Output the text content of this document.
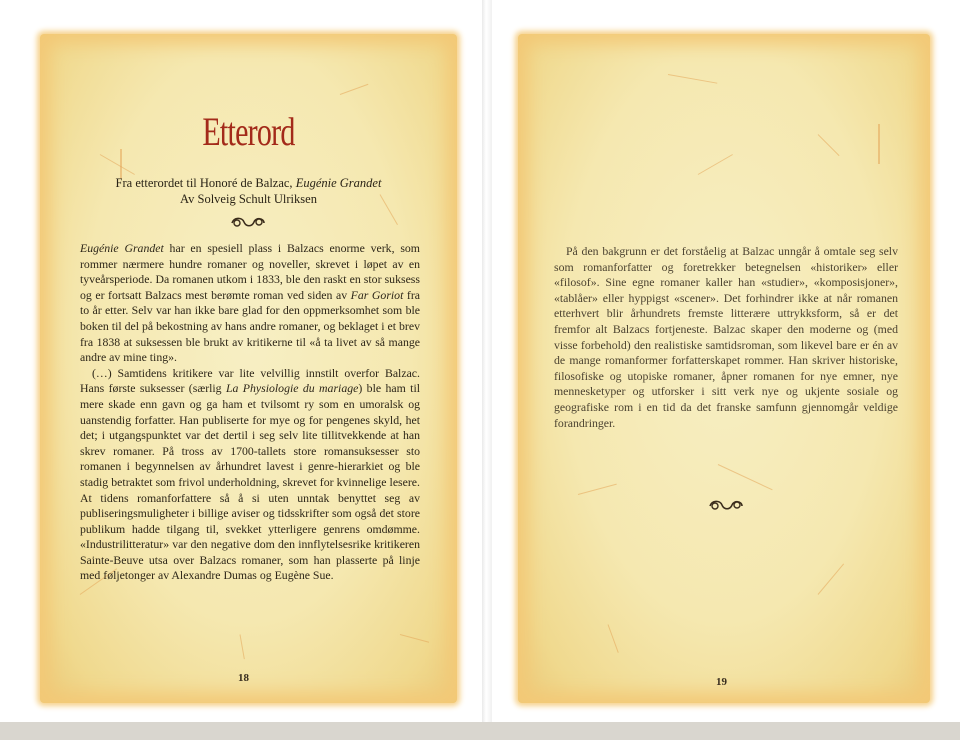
Etterord
Fra etterordet til Honoré de Balzac, Eugénie Grandet
Av Solveig Schult Ulriksen

Eugénie Grandet har en spesiell plass i Balzacs enorme verk, som rommer nærmere hundre romaner og noveller, skrevet i løpet av en tyveårsperiode. Da romanen utkom i 1833, ble den raskt en stor suksess og er fortsatt Balzacs mest berømte roman ved siden av Far Goriot fra to år etter. Selv var han ikke bare glad for den oppmerksomhet som ble boken til del på bekostning av hans andre romaner, og beklaget i et brev fra 1838 at suksessen ble brukt av kritikerne til «å ta livet av så mange andre av mine ting».

(…) Samtidens kritikere var lite velvillig innstilt overfor Balzac. Hans første suksesser (særlig La Physiologie du mariage) ble ham til mere skade enn gavn og ga ham et tvilsomt ry som en umoralsk og uanstendig forfatter. Han publiserte for mye og for pengenes skyld, het det; i utgangspunktet var det dertil i seg selv lite tillitvekkende at han skrev romaner. På tross av 1700-tallets store romansuksesser sto romanen i begynnelsen av århundret lavest i genre-hierarkiet og ble stadig betraktet som frivol underholdning, skrevet for kvinnelige lesere. At tidens romanforfattere så å si uten unntak benyttet seg av publiseringsmuligheter i billige aviser og tidsskrifter som også det store publikum hadde tilgang til, svekket ytterligere genrens omdømme. «Industrilitteratur» var den negative dom den innflytelsesrike kritikeren Sainte-Beuve utsa over Balzacs romaner, som han plasserte på linje med føljetonger av Alexandre Dumas og Eugène Sue.

18

På den bakgrunn er det forståelig at Balzac unngår å omtale seg selv som romanforfatter og foretrekker betegnelsen «historiker» eller «filosof». Sine egne romaner kaller han «studier», «komposisjoner», «tablåer» eller hyppigst «scener». Det forhindrer ikke at når romanen etterhvert blir århundrets fremste litterære uttrykksform, så er det fremfor alt Balzacs fortjeneste. Balzac skaper den moderne og (med visse forbehold) den realistiske samtidsroman, som likevel bare er én av de mange romanformer forfatterskapet rommer. Han skriver historiske, filosofiske og utopiske romaner, åpner romanen for nye emner, nye mennesketyper og utforsker i sitt verk nye og ukjente sosiale og geografiske rom i en tid da det franske samfunn gjennomgår veldige forandringer.

19
